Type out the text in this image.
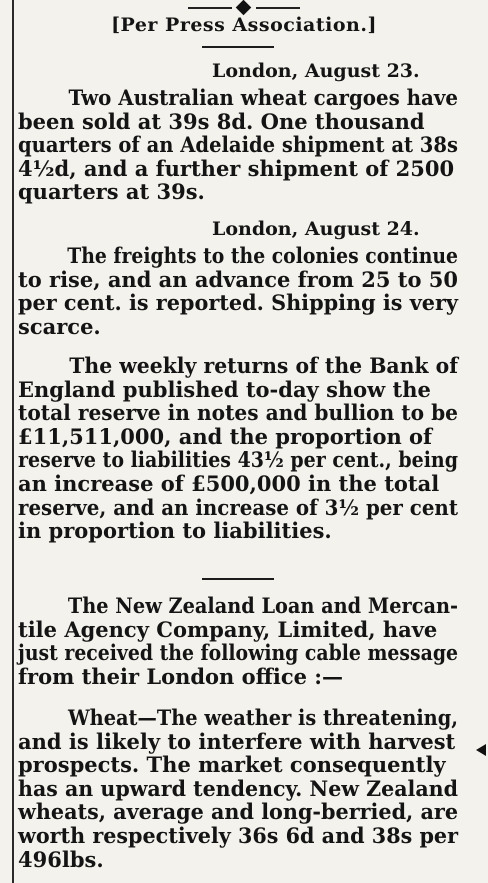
[Per Press Association.]
London, August 23.
Two Australian wheat cargoes have
been sold at 39s 8d. One thousand
quarters of an Adelaide shipment at 38s
4½d, and a further shipment of 2500
quarters at 39s.
London, August 24.
The freights to the colonies continue
to rise, and an advance from 25 to 50
per cent. is reported. Shipping is very
scarce.
The weekly returns of the Bank of
England published to-day show the
total reserve in notes and bullion to be
£11,511,000, and the proportion of
reserve to liabilities 43½ per cent., being
an increase of £500,000 in the total
reserve, and an increase of 3½ per cent
in proportion to liabilities.
The New Zealand Loan and Mercan-
tile Agency Company, Limited, have
just received the following cable message
from their London office :—
Wheat—The weather is threatening,
and is likely to interfere with harvest
prospects. The market consequently
has an upward tendency. New Zealand
wheats, average and long-berried, are
worth respectively 36s 6d and 38s per
496lbs.
